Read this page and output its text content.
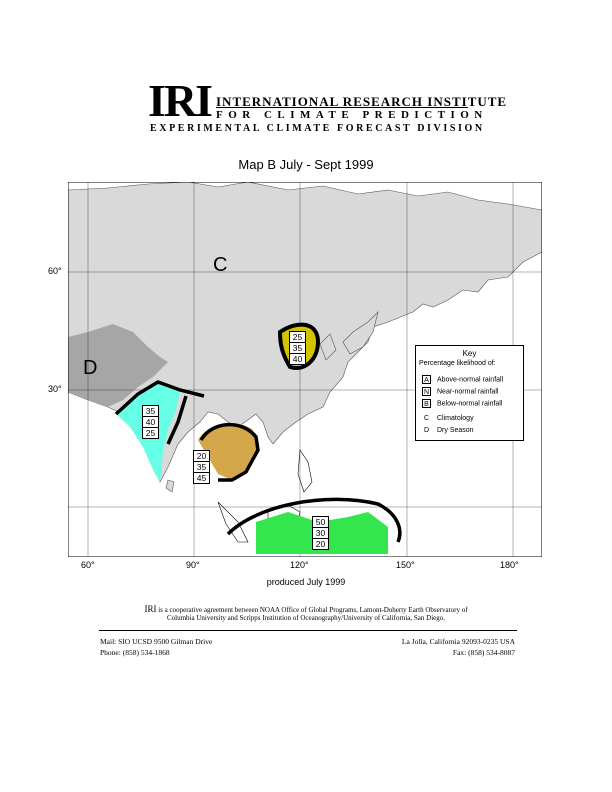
IRI INTERNATIONAL RESEARCH INSTITUTE
FOR CLIMATE PREDICTION
EXPERIMENTAL CLIMATE FORECAST DIVISION
Map B July - Sept 1999
60°
30°
60°	90°	120°	150°	180°
C
D
25
35
40
35
40
25
20
35
45
50
30
20
Key
Percentage likelihood of:
A Above-normal rainfall
N Near-normal rainfall
B Below-normal rainfall
C Climatology
D Dry Season
produced July 1999
IRI is a cooperative agreement between NOAA Office of Global Programs, Lamont-Doherty Earth Observatory of
Columbia University and Scripps Institution of Oceanography/University of California, San Diego.
Mail: SIO UCSD 9500 Gilman Drive	La Jolla, California 92093-0235 USA
Phone: (858) 534-1868	Fax: (858) 534-8087
